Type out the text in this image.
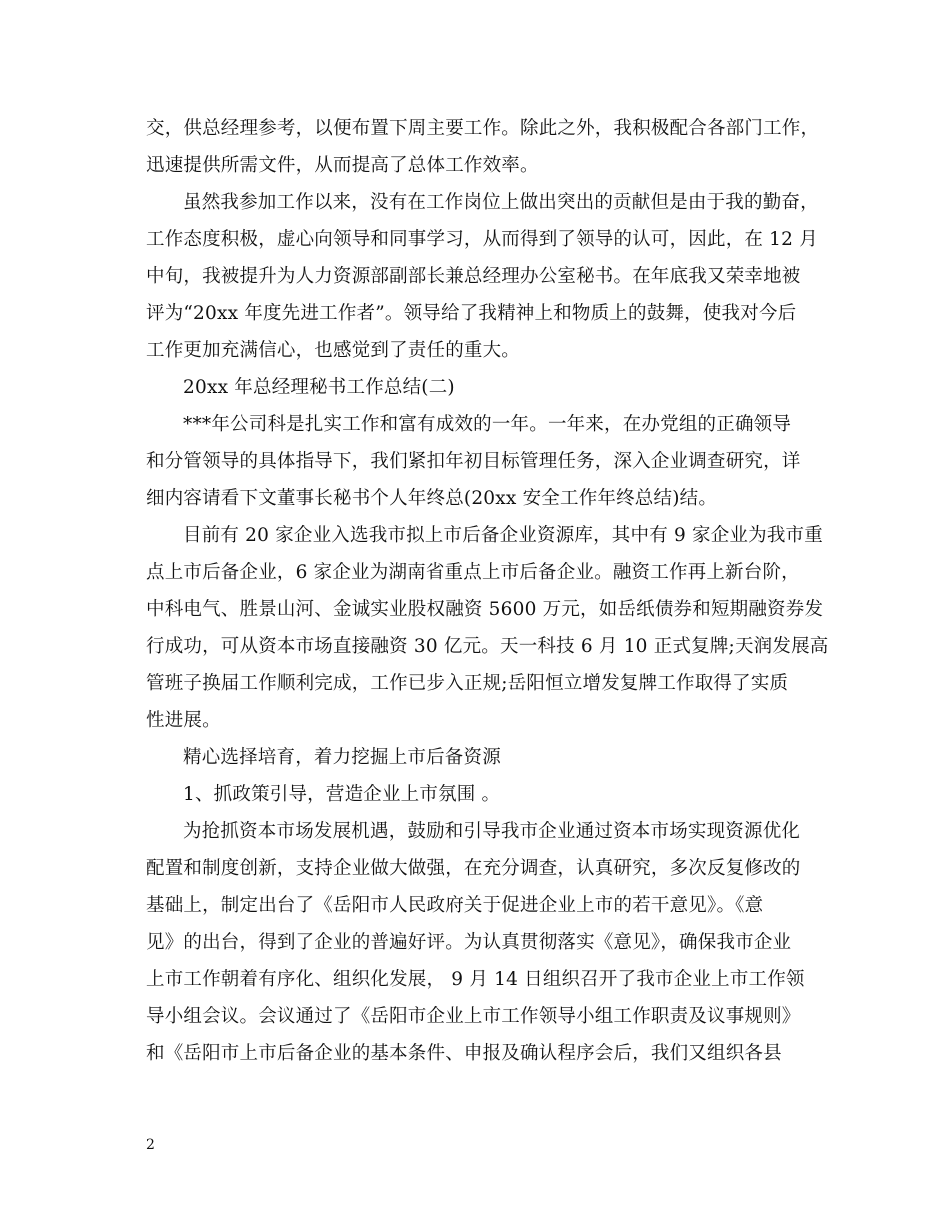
交，供总经理参考，以便布置下周主要工作。除此之外，我积极配合各部门工作，
迅速提供所需文件，从而提高了总体工作效率。
虽然我参加工作以来，没有在工作岗位上做出突出的贡献但是由于我的勤奋，
工作态度积极，虚心向领导和同事学习，从而得到了领导的认可，因此，在 12 月
中旬，我被提升为人力资源部副部长兼总经理办公室秘书。在年底我又荣幸地被
评为“20xx 年度先进工作者”。领导给了我精神上和物质上的鼓舞，使我对今后
工作更加充满信心，也感觉到了责任的重大。
20xx 年总经理秘书工作总结(二)
***年公司科是扎实工作和富有成效的一年。一年来，在办党组的正确领导
和分管领导的具体指导下，我们紧扣年初目标管理任务，深入企业调查研究，详
细内容请看下文董事长秘书个人年终总(20xx 安全工作年终总结)结。
目前有 20 家企业入选我市拟上市后备企业资源库，其中有 9 家企业为我市重
点上市后备企业，6 家企业为湖南省重点上市后备企业。融资工作再上新台阶，
中科电气、胜景山河、金诚实业股权融资 5600 万元，如岳纸债券和短期融资券发
行成功，可从资本市场直接融资 30 亿元。天一科技 6 月 10 正式复牌;天润发展高
管班子换届工作顺利完成，工作已步入正规;岳阳恒立增发复牌工作取得了实质
性进展。
精心选择培育，着力挖掘上市后备资源
1、抓政策引导，营造企业上市氛围 。
为抢抓资本市场发展机遇，鼓励和引导我市企业通过资本市场实现资源优化
配置和制度创新，支持企业做大做强，在充分调查，认真研究，多次反复修改的
基础上，制定出台了《岳阳市人民政府关于促进企业上市的若干意见》。《意
见》的出台，得到了企业的普遍好评。为认真贯彻落实《意见》，确保我市企业
上市工作朝着有序化、组织化发展， 9 月 14 日组织召开了我市企业上市工作领
导小组会议。会议通过了《岳阳市企业上市工作领导小组工作职责及议事规则》
和《岳阳市上市后备企业的基本条件、申报及确认程序会后，我们又组织各县
2
